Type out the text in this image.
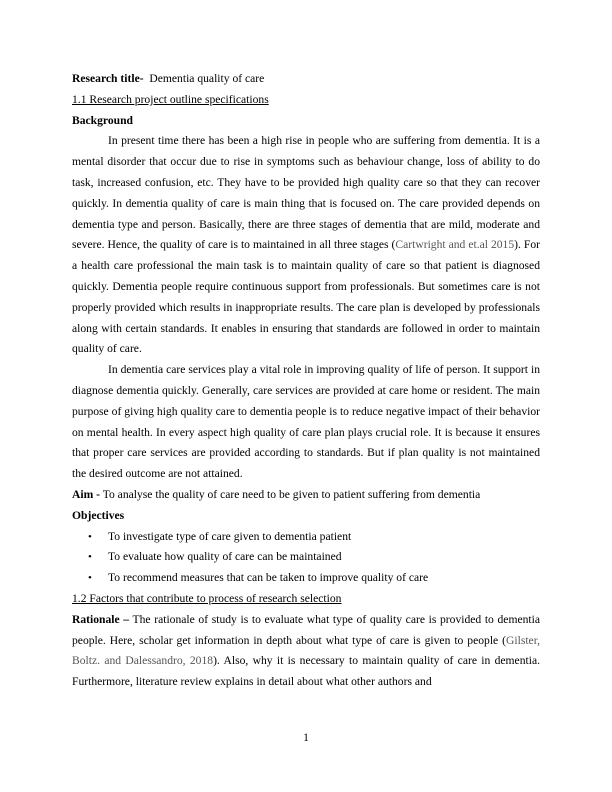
Research title- Dementia quality of care

1.1 Research project outline specifications

Background

In present time there has been a high rise in people who are suffering from dementia. It is a mental disorder that occur due to rise in symptoms such as behaviour change, loss of ability to do task, increased confusion, etc. They have to be provided high quality care so that they can recover quickly. In dementia quality of care is main thing that is focused on. The care provided depends on dementia type and person. Basically, there are three stages of dementia that are mild, moderate and severe. Hence, the quality of care is to maintained in all three stages (Cartwright and et.al 2015). For a health care professional the main task is to maintain quality of care so that patient is diagnosed quickly. Dementia people require continuous support from professionals. But sometimes care is not properly provided which results in inappropriate results. The care plan is developed by professionals along with certain standards. It enables in ensuring that standards are followed in order to maintain quality of care.

In dementia care services play a vital role in improving quality of life of person. It support in diagnose dementia quickly. Generally, care services are provided at care home or resident. The main purpose of giving high quality care to dementia people is to reduce negative impact of their behavior on mental health. In every aspect high quality of care plan plays crucial role. It is because it ensures that proper care services are provided according to standards. But if plan quality is not maintained the desired outcome are not attained.

Aim - To analyse the quality of care need to be given to patient suffering from dementia

Objectives

• To investigate type of care given to dementia patient
• To evaluate how quality of care can be maintained
• To recommend measures that can be taken to improve quality of care

1.2 Factors that contribute to process of research selection

Rationale – The rationale of study is to evaluate what type of quality care is provided to dementia people. Here, scholar get information in depth about what type of care is given to people (Gilster, Boltz. and Dalessandro, 2018). Also, why it is necessary to maintain quality of care in dementia. Furthermore, literature review explains in detail about what other authors and

1
